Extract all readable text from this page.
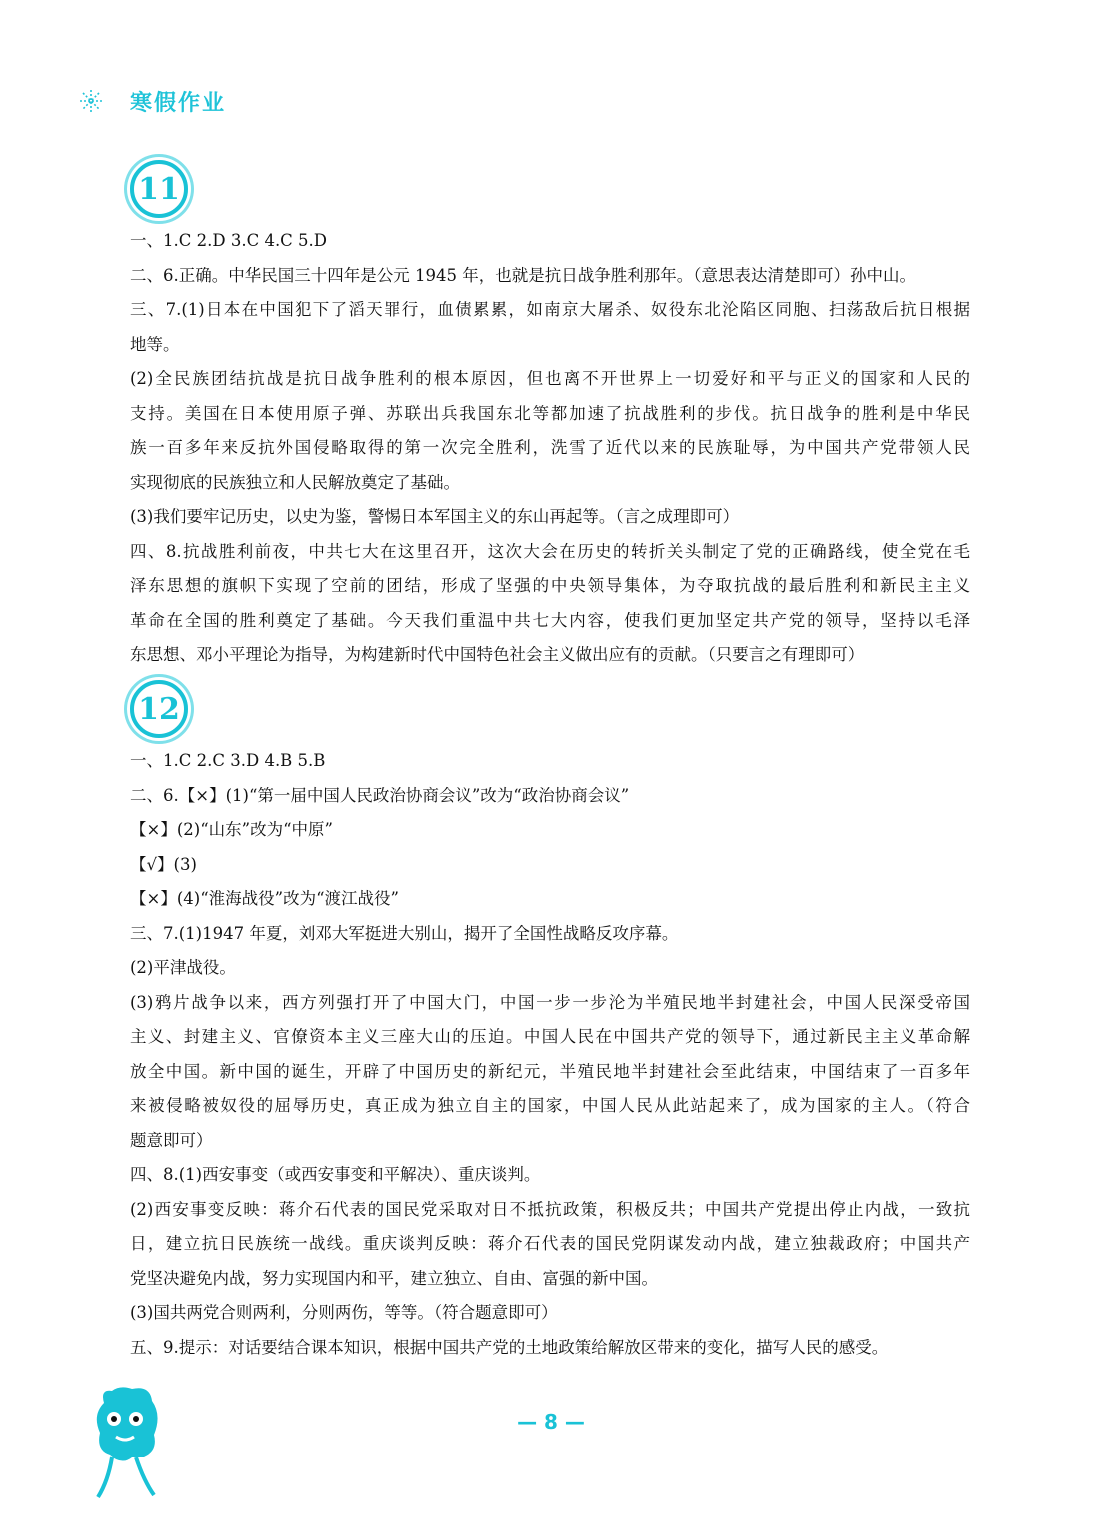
寒假作业
11
一、1.C 2.D 3.C 4.C 5.D
二、6.正确。中华民国三十四年是公元 1945 年，也就是抗日战争胜利那年。（意思表达清楚即可）孙中山。
三、7.(1)日本在中国犯下了滔天罪行，血债累累，如南京大屠杀、奴役东北沦陷区同胞、扫荡敌后抗日根据
地等。
(2)全民族团结抗战是抗日战争胜利的根本原因，但也离不开世界上一切爱好和平与正义的国家和人民的
支持。美国在日本使用原子弹、苏联出兵我国东北等都加速了抗战胜利的步伐。抗日战争的胜利是中华民
族一百多年来反抗外国侵略取得的第一次完全胜利，洗雪了近代以来的民族耻辱，为中国共产党带领人民
实现彻底的民族独立和人民解放奠定了基础。
(3)我们要牢记历史，以史为鉴，警惕日本军国主义的东山再起等。（言之成理即可）
四、8.抗战胜利前夜，中共七大在这里召开，这次大会在历史的转折关头制定了党的正确路线，使全党在毛
泽东思想的旗帜下实现了空前的团结，形成了坚强的中央领导集体，为夺取抗战的最后胜利和新民主主义
革命在全国的胜利奠定了基础。今天我们重温中共七大内容，使我们更加坚定共产党的领导，坚持以毛泽
东思想、邓小平理论为指导，为构建新时代中国特色社会主义做出应有的贡献。（只要言之有理即可）
12
一、1.C 2.C 3.D 4.B 5.B
二、6.【×】(1)“第一届中国人民政治协商会议”改为“政治协商会议”
【×】(2)“山东”改为“中原”
【√】(3)
【×】(4)“淮海战役”改为“渡江战役”
三、7.(1)1947 年夏，刘邓大军挺进大别山，揭开了全国性战略反攻序幕。
(2)平津战役。
(3)鸦片战争以来，西方列强打开了中国大门，中国一步一步沦为半殖民地半封建社会，中国人民深受帝国
主义、封建主义、官僚资本主义三座大山的压迫。中国人民在中国共产党的领导下，通过新民主主义革命解
放全中国。新中国的诞生，开辟了中国历史的新纪元，半殖民地半封建社会至此结束，中国结束了一百多年
来被侵略被奴役的屈辱历史，真正成为独立自主的国家，中国人民从此站起来了，成为国家的主人。（符合
题意即可）
四、8.(1)西安事变（或西安事变和平解决）、重庆谈判。
(2)西安事变反映：蒋介石代表的国民党采取对日不抵抗政策，积极反共；中国共产党提出停止内战，一致抗
日，建立抗日民族统一战线。重庆谈判反映：蒋介石代表的国民党阴谋发动内战，建立独裁政府；中国共产
党坚决避免内战，努力实现国内和平，建立独立、自由、富强的新中国。
(3)国共两党合则两利，分则两伤，等等。（符合题意即可）
五、9.提示：对话要结合课本知识，根据中国共产党的土地政策给解放区带来的变化，描写人民的感受。
— 8 —
